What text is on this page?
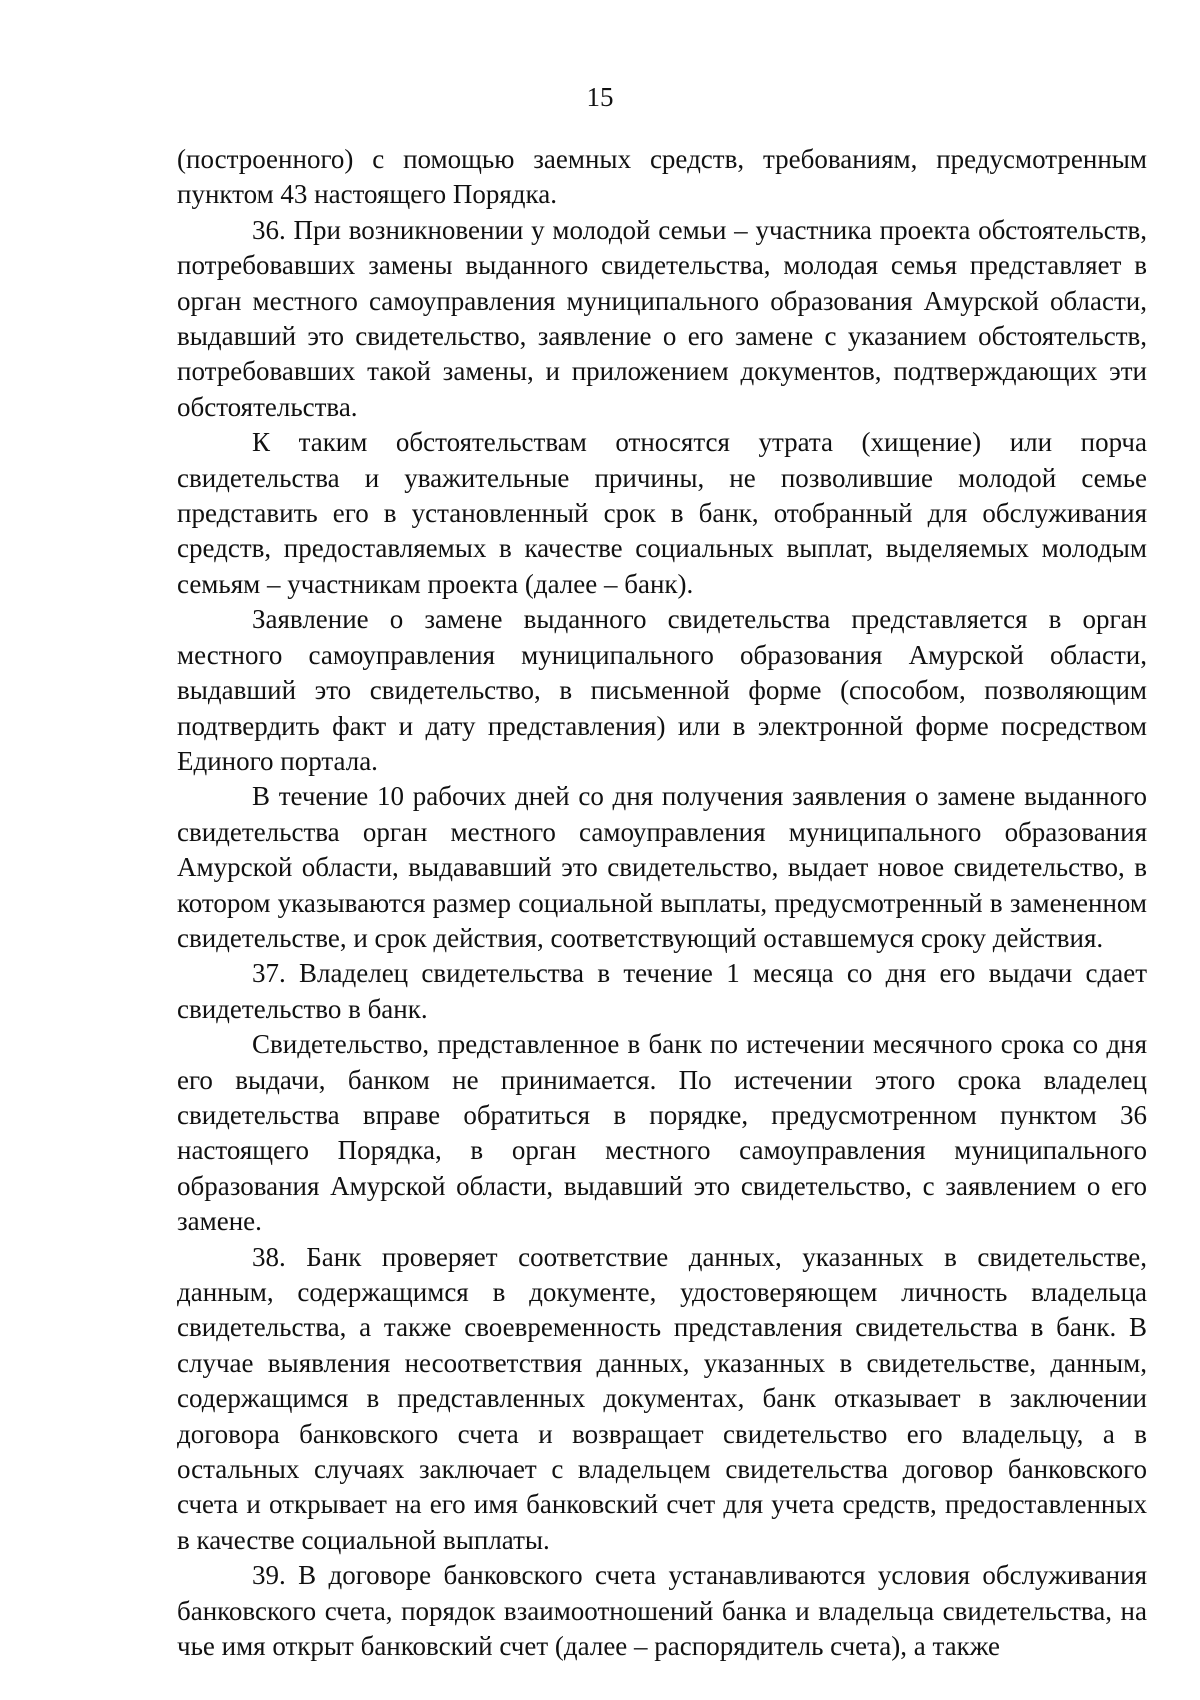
15

(построенного) с помощью заемных средств, требованиям, предусмотренным пунктом 43 настоящего Порядка.

36. При возникновении у молодой семьи – участника проекта обстоятельств, потребовавших замены выданного свидетельства, молодая семья представляет в орган местного самоуправления муниципального образования Амурской области, выдавший это свидетельство, заявление о его замене с указанием обстоятельств, потребовавших такой замены, и приложением документов, подтверждающих эти обстоятельства.

К таким обстоятельствам относятся утрата (хищение) или порча свидетельства и уважительные причины, не позволившие молодой семье представить его в установленный срок в банк, отобранный для обслуживания средств, предоставляемых в качестве социальных выплат, выделяемых молодым семьям – участникам проекта (далее – банк).

Заявление о замене выданного свидетельства представляется в орган местного самоуправления муниципального образования Амурской области, выдавший это свидетельство, в письменной форме (способом, позволяющим подтвердить факт и дату представления) или в электронной форме посредством Единого портала.

В течение 10 рабочих дней со дня получения заявления о замене выданного свидетельства орган местного самоуправления муниципального образования Амурской области, выдававший это свидетельство, выдает новое свидетельство, в котором указываются размер социальной выплаты, предусмотренный в замененном свидетельстве, и срок действия, соответствующий оставшемуся сроку действия.

37. Владелец свидетельства в течение 1 месяца со дня его выдачи сдает свидетельство в банк.

Свидетельство, представленное в банк по истечении месячного срока со дня его выдачи, банком не принимается. По истечении этого срока владелец свидетельства вправе обратиться в порядке, предусмотренном пунктом 36 настоящего Порядка, в орган местного самоуправления муниципального образования Амурской области, выдавший это свидетельство, с заявлением о его замене.

38. Банк проверяет соответствие данных, указанных в свидетельстве, данным, содержащимся в документе, удостоверяющем личность владельца свидетельства, а также своевременность представления свидетельства в банк. В случае выявления несоответствия данных, указанных в свидетельстве, данным, содержащимся в представленных документах, банк отказывает в заключении договора банковского счета и возвращает свидетельство его владельцу, а в остальных случаях заключает с владельцем свидетельства договор банковского счета и открывает на его имя банковский счет для учета средств, предоставленных в качестве социальной выплаты.

39. В договоре банковского счета устанавливаются условия обслуживания банковского счета, порядок взаимоотношений банка и владельца свидетельства, на чье имя открыт банковский счет (далее – распорядитель счета), а также
